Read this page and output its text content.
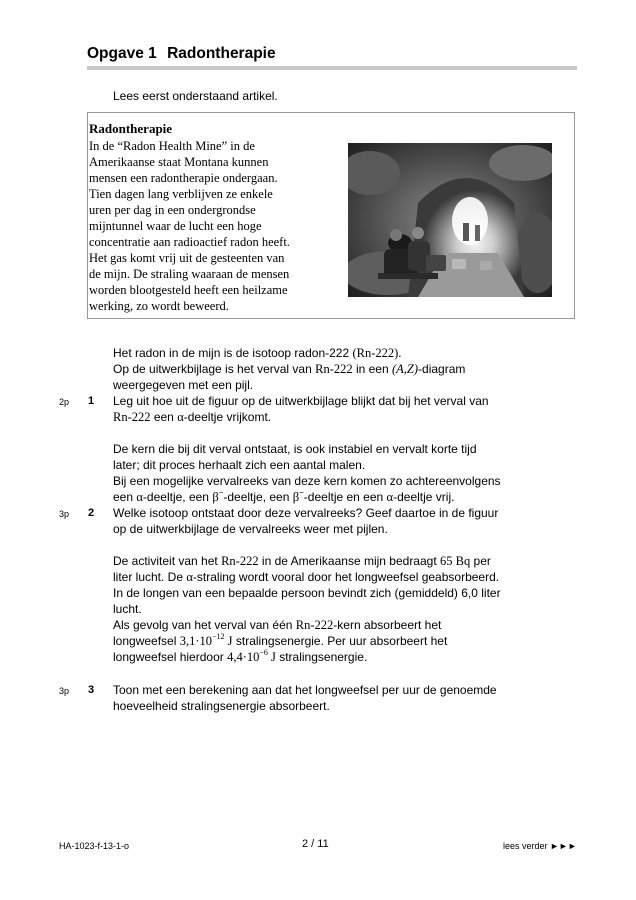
Opgave 1 Radontherapie
Lees eerst onderstaand artikel.
Radontherapie
In de “Radon Health Mine” in de
Amerikaanse staat Montana kunnen
mensen een radontherapie ondergaan.
Tien dagen lang verblijven ze enkele
uren per dag in een ondergrondse
mijntunnel waar de lucht een hoge
concentratie aan radioactief radon heeft.
Het gas komt vrij uit de gesteenten van
de mijn. De straling waaraan de mensen
worden blootgesteld heeft een heilzame
werking, zo wordt beweerd.
Het radon in de mijn is de isotoop radon-222 (Rn-222).
Op de uitwerkbijlage is het verval van Rn-222 in een (A,Z)-diagram
weergegeven met een pijl.
2p 1 Leg uit hoe uit de figuur op de uitwerkbijlage blijkt dat bij het verval van
Rn-222 een α-deeltje vrijkomt.
De kern die bij dit verval ontstaat, is ook instabiel en vervalt korte tijd
later; dit proces herhaalt zich een aantal malen.
Bij een mogelijke vervalreeks van deze kern komen zo achtereenvolgens
een α-deeltje, een β−-deeltje, een β−-deeltje en een α-deeltje vrij.
3p 2 Welke isotoop ontstaat door deze vervalreeks? Geef daartoe in de figuur
op de uitwerkbijlage de vervalreeks weer met pijlen.
De activiteit van het Rn-222 in de Amerikaanse mijn bedraagt 65 Bq per
liter lucht. De α-straling wordt vooral door het longweefsel geabsorbeerd.
In de longen van een bepaalde persoon bevindt zich (gemiddeld) 6,0 liter
lucht.
Als gevolg van het verval van één Rn-222-kern absorbeert het
longweefsel $3,1\cdot 10^{-12}$ J stralingsenergie. Per uur absorbeert het
longweefsel hierdoor $4,4\cdot 10^{-6}$ J stralingsenergie.
3p 3 Toon met een berekening aan dat het longweefsel per uur de genoemde
hoeveelheid stralingsenergie absorbeert.
HA-1023-f-13-1-o	2 / 11	lees verder ►►►
